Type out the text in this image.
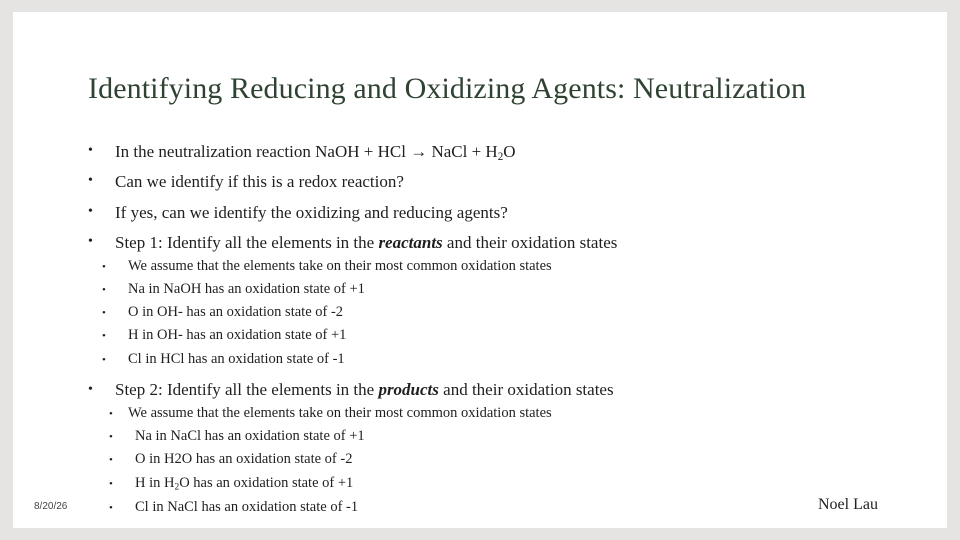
Identifying Reducing and Oxidizing Agents: Neutralization
• In the neutralization reaction NaOH + HCl → NaCl + $H_2O$
• Can we identify if this is a redox reaction?
• If yes, can we identify the oxidizing and reducing agents?
• Step 1: Identify all the elements in the reactants and their oxidation states
• We assume that the elements take on their most common oxidation states
• Na in NaOH has an oxidation state of +1
• O in OH- has an oxidation state of -2
• H in OH- has an oxidation state of +1
• Cl in HCl has an oxidation state of -1
• Step 2: Identify all the elements in the products and their oxidation states
• We assume that the elements take on their most common oxidation states
• Na in NaCl has an oxidation state of +1
• O in H2O has an oxidation state of -2
• H in $H_2O$ has an oxidation state of +1
• Cl in NaCl has an oxidation state of -1
8/20/26	Noel Lau
